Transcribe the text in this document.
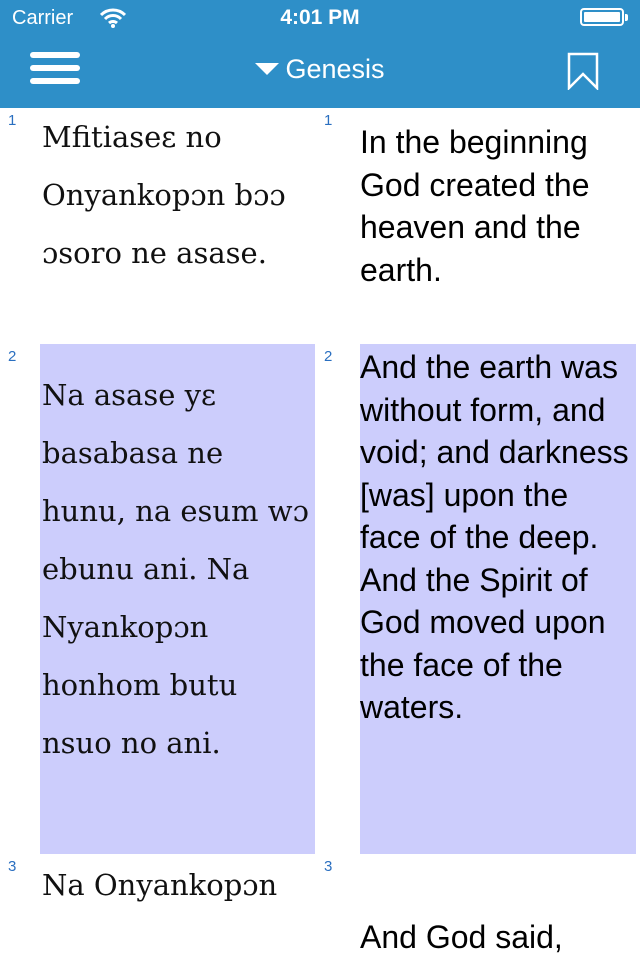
Carrier	4:01 PM
Genesis
1 Mfitiaseɛ no Onyankopɔn bɔɔ ɔsoro ne asase.
1
In the beginning God created the heaven and the earth.
2
Na asase yɛ basabasa ne hunu, na esum wɔ ebunu ani. Na Nyankopɔn honhom butu nsuo no ani.
2 And the earth was without form, and void; and darkness [was] upon the face of the deep. And the Spirit of God moved upon the face of the waters.
3
Na Onyankopɔn
3
And God said,
